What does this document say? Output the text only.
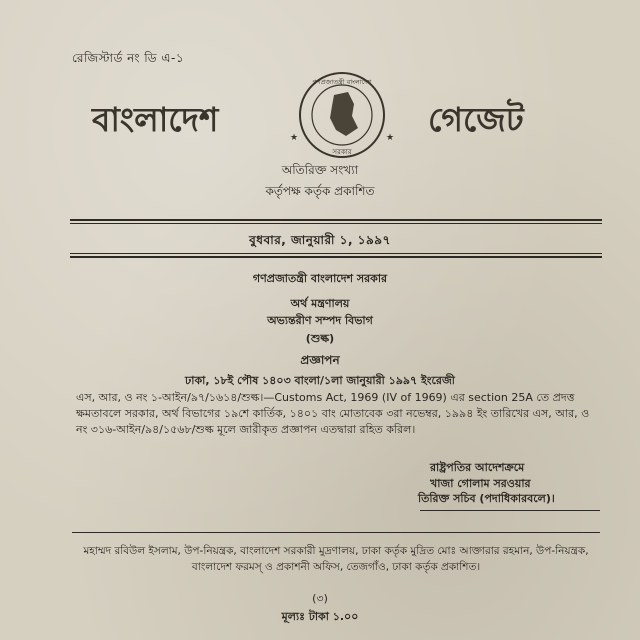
রেজিস্টার্ড নং ডি এ-১
বাংলাদেশ	★	★
গণপ্রজাতন্ত্রী বাংলাদেশ
সরকার
গেজেট
অতিরিক্ত সংখ্যা
কর্তৃপক্ষ কর্তৃক প্রকাশিত
বুধবার, জানুয়ারী ১, ১৯৯৭
গণপ্রজাতন্ত্রী বাংলাদেশ সরকার
অর্থ মন্ত্রণালয়
অভ্যন্তরীণ সম্পদ বিভাগ
(শুল্ক)
প্রজ্ঞাপন
ঢাকা, ১৮ই পৌষ ১৪০৩ বাংলা/১লা জানুয়ারী ১৯৯৭ ইংরেজী
এস, আর, ও নং ১-আইন/৯৭/১৬১৪/শুল্ক।—Customs Act, 1969 (IV of 1969) এর section 25A তে প্রদত্ত ক্ষমতাবলে সরকার, অর্থ বিভাগের ১৯শে কার্তিক, ১৪০১ বাং মোতাবেক ৩রা নভেম্বর, ১৯৯৪ ইং তারিখের এস, আর, ও নং ৩১৬-আইন/৯৪/১৫৬৮/শুল্ক মূলে জারীকৃত প্রজ্ঞাপন এতদ্বারা রহিত করিল।
রাষ্ট্রপতির আদেশক্রমে
খাজা গোলাম সরওয়ার
তিরিক্ত সচিব (পদাধিকারবলে)।
মহাম্মদ রবিউল ইসলাম, উপ-নিয়ন্ত্রক, বাংলাদেশ সরকারী মুদ্রণালয়, ঢাকা কর্তৃক মুদ্রিত মোঃ আক্তারার রহমান, উপ-নিয়ন্ত্রক, বাংলাদেশ ফরমস্ ও প্রকাশনী অফিস, তেজগাঁও, ঢাকা কর্তৃক প্রকাশিত।
(৩)
মূল্যঃ টাকা ১.০০
